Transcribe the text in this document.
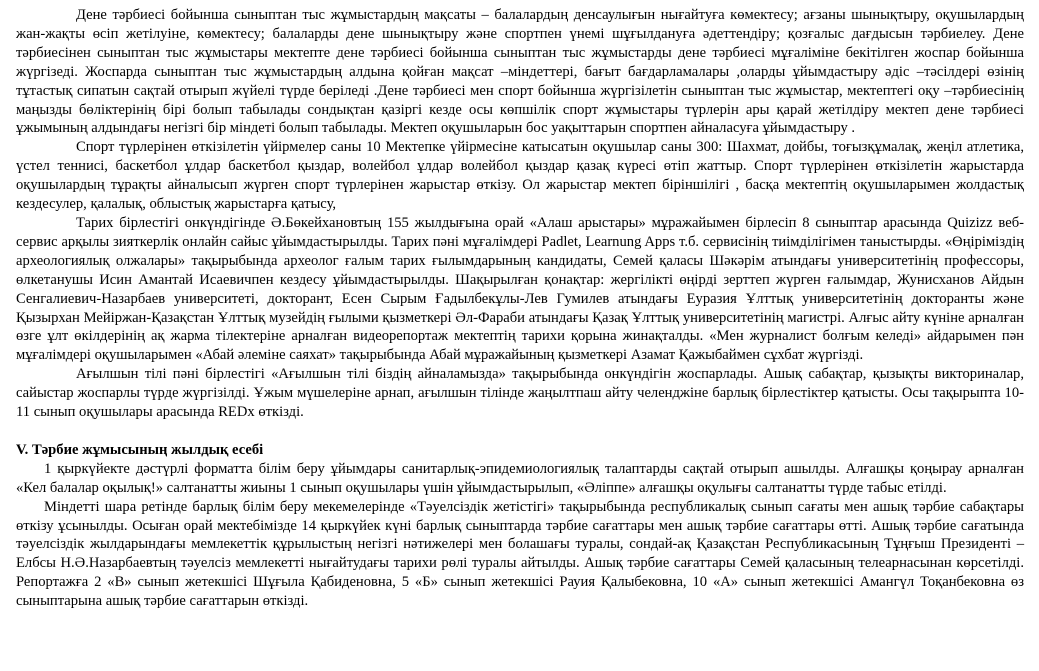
Дене тәрбиесі бойынша сыныптан тыс жұмыстардың мақсаты – балалардың денсаулығын нығайтуға көмектесу; ағзаны шынықтыру, оқушылардың жан-жақты өсіп жетілуіне, көмектесу; балаларды дене шынықтыру және спортпен үнемі шұғылдануға әдеттендіру; қозғалыс дағдысын тәрбиелеу. Дене тәрбиесінен сыныптан тыс жұмыстары мектепте дене тәрбиесі бойынша сыныптан тыс жұмыстарды дене тәрбиесі мұғаліміне бекітілген жоспар бойынша жүргізеді. Жоспарда сыныптан тыс жұмыстардың алдына қойған мақсат –міндеттері, бағыт бағдарламалары ,оларды ұйымдастыру әдіс –тәсілдері өзінің тұтастық сипатын сақтай отырып жүйелі түрде беріледі .Дене тәрбиесі мен спорт бойынша жүргізілетін сыныптан тыс жұмыстар, мектептегі оқу –тәрбиесінің маңызды бөліктерінің бірі болып табылады сондықтан қазіргі кезде осы көпшілік спорт жұмыстары түрлерін ары қарай жетілдіру мектеп дене тәрбиесі ұжымының алдындағы негізгі бір міндеті болып табылады. Мектеп оқушыларын бос уақыттарын спортпен айналасуға ұйымдастыру .

Спорт түрлерінен өткізілетін үйірмелер саны 10 Мектепке үйірмесіне катысатын оқушылар саны 300: Шахмат, дойбы, тоғызқұмалақ, жеңіл атлетика, үстел теннисі, баскетбол ұлдар баскетбол қыздар, волейбол ұлдар волейбол қыздар қазақ күресі өтіп жаттыр. Спорт түрлерінен өткізілетін жарыстарда оқушылардың тұрақты айналысып жүрген спорт түрлерінен жарыстар өткізу. Ол жарыстар мектеп біріншілігі , басқа мектептің оқушыларымен жолдастық кездесулер, қалалық, облыстық жарыстарға қатысу,

Тарих бірлестігі онкүндігінде Ә.Бөкейхановтың 155 жылдығына орай «Алаш арыстары» мұражайымен бірлесіп 8 сыныптар арасында Quizizz веб-сервис арқылы зияткерлік онлайн сайыс ұйымдастырылды. Тарих пәні мұғалімдері Padlet, Learnung Apps т.б. сервисінің тиімділігімен таныстырды. «Өңіріміздің археологиялық олжалары» тақырыбында археолог ғалым тарих ғылымдарының кандидаты, Семей қаласы Шәкәрім атындағы университетінің профессоры, өлкетанушы Исин Амантай Исаевичпен кездесу ұйымдастырылды. Шақырылған қонақтар: жергілікті өңірді зерттеп жүрген ғалымдар, Жунисханов Айдын Сенгалиевич-Назарбаев университеті, докторант, Есен Сырым Ғадылбекұлы-Лев Гумилев атындағы Еуразия Ұлттық университетінің докторанты және Қызырхан Мейіржан-Қазақстан Ұлттық музейдің ғылыми қызметкері Әл-Фараби атындағы Қазақ Ұлттық университетінің магистрі. Алғыс айту күніне арналған өзге ұлт өкілдерінің ақ жарма тілектеріне арналған видеорепортаж мектептің тарихи қорына жинақталды. «Мен журналист болғым келеді» айдарымен пән мұғалімдері оқушыларымен «Абай әлеміне саяхат» тақырыбында Абай мұражайының қызметкері Азамат Қажыбаймен сұхбат жүргізді.

Ағылшын тілі пәні бірлестігі «Ағылшын тілі біздің айналамызда» тақырыбында онкүндігін жоспарлады. Ашық сабақтар, қызықты викториналар, сайыстар жоспарлы түрде жүргізілді. Ұжым мүшелеріне арнап, ағылшын тілінде жаңылтпаш айту челенджіне барлық бірлестіктер қатысты. Осы тақырыпта 10-11 сынып оқушылары арасында REDx өткізді.

V. Тәрбие жұмысының жылдық есебі

1 қыркүйекте дәстүрлі форматта білім беру ұйымдары санитарлық-эпидемиологиялық талаптарды сақтай отырып ашылды. Алғашқы қоңырау арналған «Кел балалар оқылық!» салтанатты жиыны 1 сынып оқушылары үшін ұйымдастырылып, «Әліппе» алғашқы оқулығы салтанатты түрде табыс етілді.

Міндетті шара ретінде барлық білім беру мекемелерінде «Тәуелсіздік жетістігі» тақырыбында республикалық сынып сағаты мен ашық тәрбие сабақтары өткізу ұсынылды. Осыған орай мектебімізде 14 қыркүйек күні барлық сыныптарда тәрбие сағаттары мен ашық тәрбие сағаттары өтті. Ашық тәрбие сағатында тәуелсіздік жылдарындағы мемлекеттік құрылыстың негізгі нәтижелері мен болашағы туралы, сондай-ақ Қазақстан Республикасының Тұңғыш Президенті – Елбсы Н.Ә.Назарбаевтың тәуелсіз мемлекетті нығайтудағы тарихи рөлі туралы айтылды. Ашық тәрбие сағаттары Семей қаласының телеарнасынан көрсетілді. Репортажға 2 «В» сынып жетекшісі Шұғыла Қабиденовна, 5 «Б» сынып жетекшісі Рауия Қалыбековна, 10 «А» сынып жетекшісі Амангүл Тоқанбековна өз сыныптарына ашық тәрбие сағаттарын өткізді.
